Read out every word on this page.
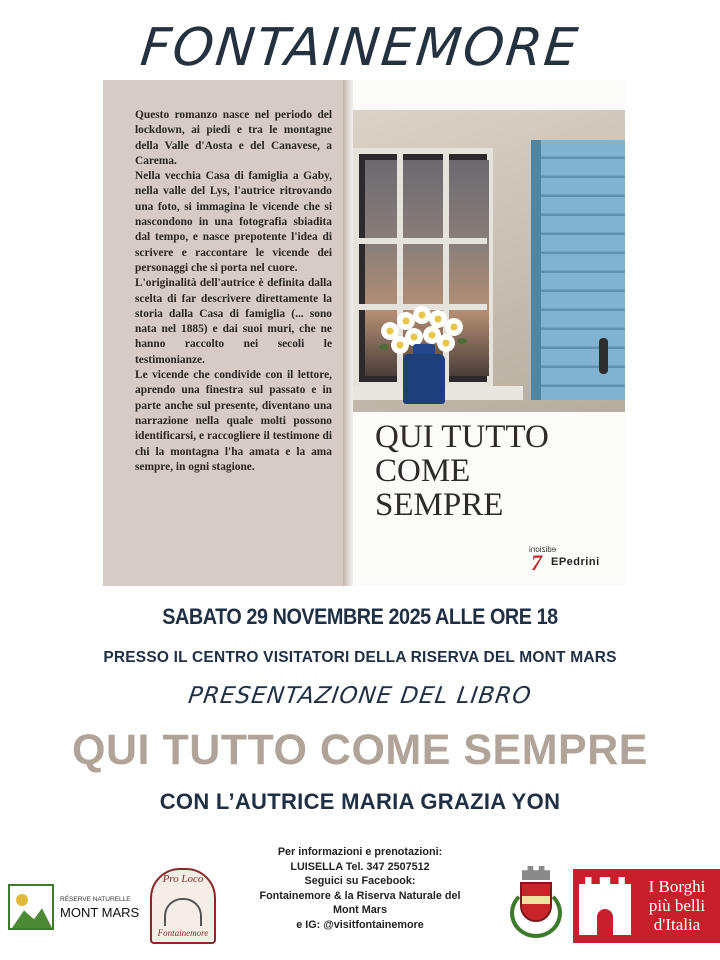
FONTAINEMORE

Questo romanzo nasce nel periodo del lockdown, ai piedi e tra le montagne della Valle d'Aosta e del Canavese, a Carema.

Nella vecchia Casa di famiglia a Gaby, nella valle del Lys, l'autrice ritrovando una foto, si immagina le vicende che si nascondono in una fotografia sbiadita dal tempo, e nasce prepotente l'idea di scrivere e raccontare le vicende dei personaggi che si porta nel cuore.

L'originalità dell'autrice è definita dalla scelta di far descrivere direttamente la storia dalla Casa di famiglia (... sono nata nel 1885) e dai suoi muri, che ne hanno raccolto nei secoli le testimonianze.

Le vicende che condivide con il lettore, aprendo una finestra sul passato e in parte anche sul presente, diventano una narrazione nella quale molti possono identificarsi, e raccogliere il testimone di chi la montagna l'ha amata e la ama sempre, in ogni stagione.

QUI TUTTO
COME
SEMPRE
edizioni
7 EPedrini
SABATO 29 NOVEMBRE 2025 ALLE ORE 18
PRESSO IL CENTRO VISITATORI DELLA RISERVA DEL MONT MARS
PRESENTAZIONE DEL LIBRO
QUI TUTTO COME SEMPRE
CON L’AUTRICE MARIA GRAZIA YON
Per informazioni e prenotazioni:
LUISELLA Tel. 347 2507512
Seguici su Facebook:
Fontainemore & la Riserva Naturale del
Mont Mars
e IG: @visitfontainemore
RÉSERVE NATURELLE
MONT MARS
Pro Loco
Fontainemore
I Borghi
più belli
d'Italia
